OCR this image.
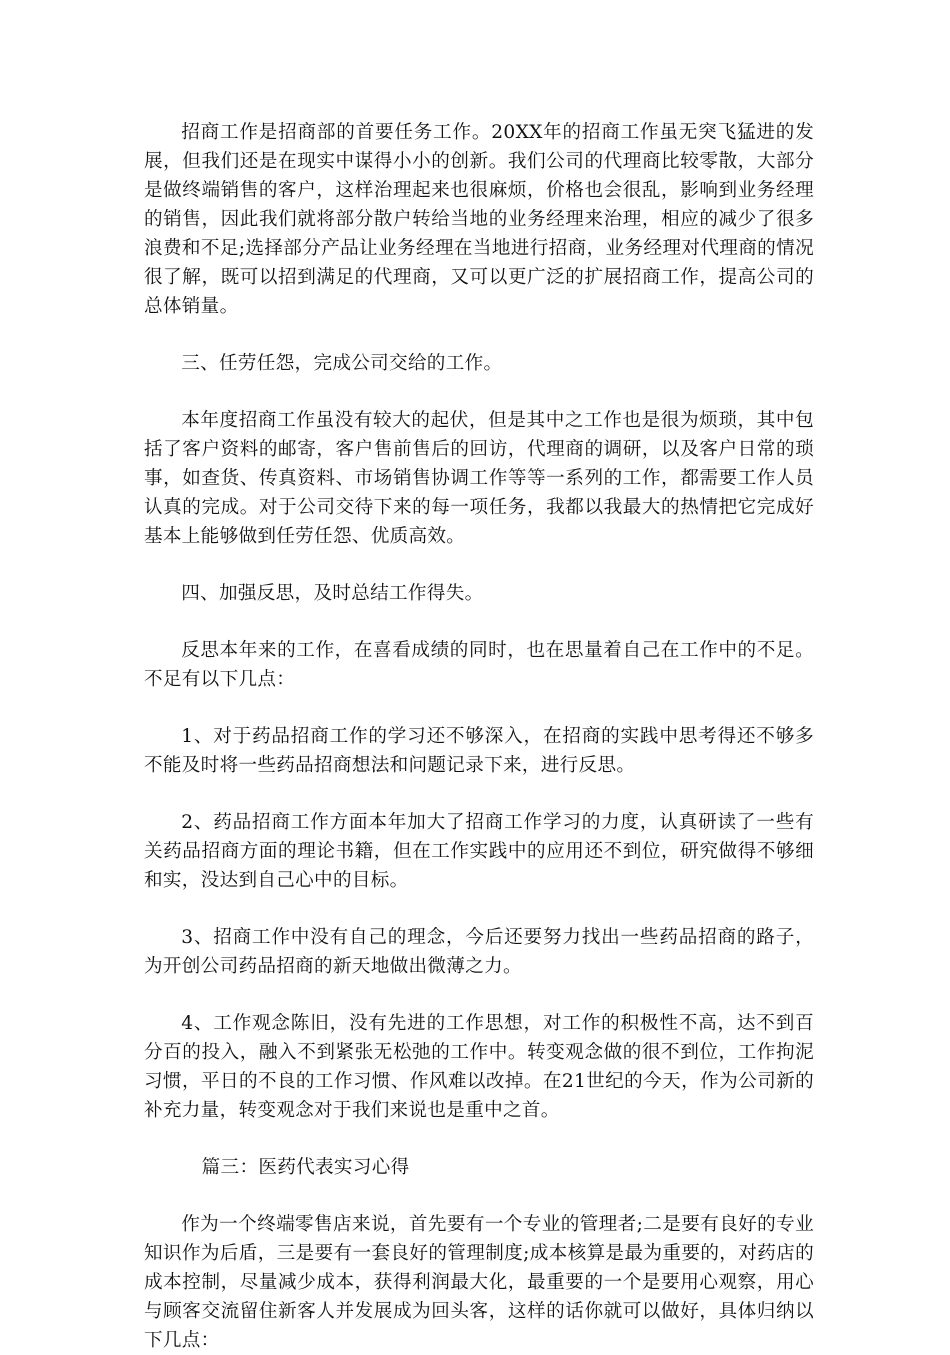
招商工作是招商部的首要任务工作。20XX年的招商工作虽无突飞猛进的发展，但我们还是在现实中谋得小小的创新。我们公司的代理商比较零散，大部分是做终端销售的客户，这样治理起来也很麻烦，价格也会很乱，影响到业务经理的销售，因此我们就将部分散户转给当地的业务经理来治理，相应的减少了很多浪费和不足;选择部分产品让业务经理在当地进行招商，业务经理对代理商的情况很了解，既可以招到满足的代理商，又可以更广泛的扩展招商工作，提高公司的总体销量。

三、任劳任怨，完成公司交给的工作。

本年度招商工作虽没有较大的起伏，但是其中之工作也是很为烦琐，其中包括了客户资料的邮寄，客户售前售后的回访，代理商的调研，以及客户日常的琐事，如查货、传真资料、市场销售协调工作等等一系列的工作，都需要工作人员认真的完成。对于公司交待下来的每一项任务，我都以我最大的热情把它完成好基本上能够做到任劳任怨、优质高效。

四、加强反思，及时总结工作得失。

反思本年来的工作，在喜看成绩的同时，也在思量着自己在工作中的不足。不足有以下几点：

1、对于药品招商工作的学习还不够深入，在招商的实践中思考得还不够多不能及时将一些药品招商想法和问题记录下来，进行反思。

2、药品招商工作方面本年加大了招商工作学习的力度，认真研读了一些有关药品招商方面的理论书籍，但在工作实践中的应用还不到位，研究做得不够细和实，没达到自己心中的目标。

3、招商工作中没有自己的理念，今后还要努力找出一些药品招商的路子，为开创公司药品招商的新天地做出微薄之力。

4、工作观念陈旧，没有先进的工作思想，对工作的积极性不高，达不到百分百的投入，融入不到紧张无松弛的工作中。转变观念做的很不到位，工作拘泥习惯，平日的不良的工作习惯、作风难以改掉。在21世纪的今天，作为公司新的补充力量，转变观念对于我们来说也是重中之首。

篇三：医药代表实习心得

作为一个终端零售店来说，首先要有一个专业的管理者;二是要有良好的专业知识作为后盾，三是要有一套良好的管理制度;成本核算是最为重要的，对药店的成本控制，尽量减少成本，获得利润最大化，最重要的一个是要用心观察，用心与顾客交流留住新客人并发展成为回头客，这样的话你就可以做好，具体归纳以下几点：
